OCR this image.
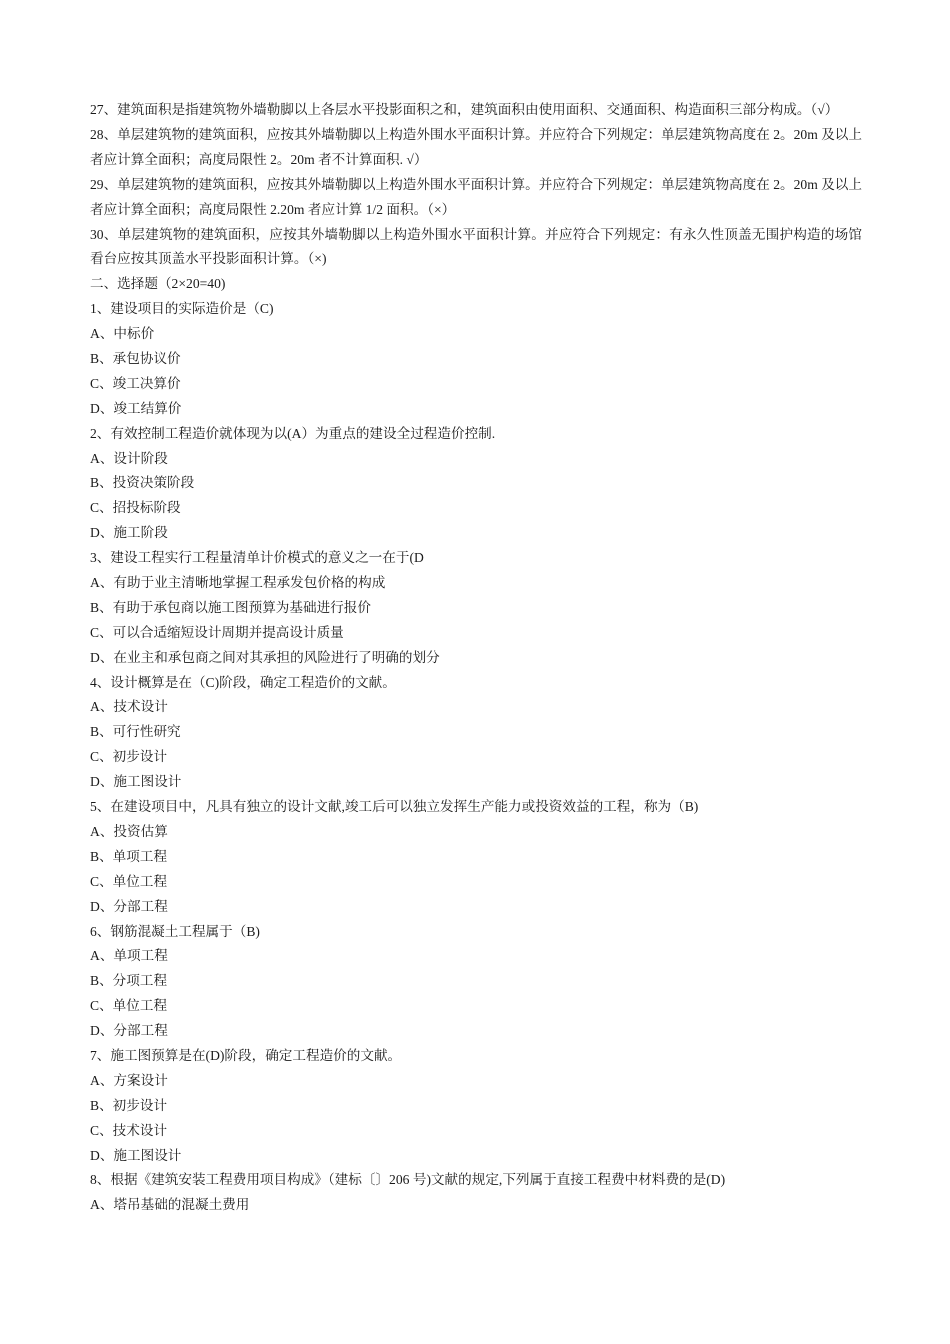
27、建筑面积是指建筑物外墙勒脚以上各层水平投影面积之和，建筑面积由使用面积、交通面积、构造面积三部分构成。（√）
28、单层建筑物的建筑面积，应按其外墙勒脚以上构造外围水平面积计算。并应符合下列规定：单层建筑物高度在 2。20m 及以上者应计算全面积；高度局限性 2。20m 者不计算面积. √）
29、单层建筑物的建筑面积，应按其外墙勒脚以上构造外围水平面积计算。并应符合下列规定：单层建筑物高度在 2。20m 及以上者应计算全面积；高度局限性 2.20m 者应计算 1/2 面积。（×）
30、单层建筑物的建筑面积，应按其外墙勒脚以上构造外围水平面积计算。并应符合下列规定：有永久性顶盖无围护构造的场馆看台应按其顶盖水平投影面积计算。（×)
二、选择题（2×20=40)
1、建设项目的实际造价是（C)
A、中标价
B、承包协议价
C、竣工决算价
D、竣工结算价
2、有效控制工程造价就体现为以(A）为重点的建设全过程造价控制.
A、设计阶段
B、投资决策阶段
C、招投标阶段
D、施工阶段
3、建设工程实行工程量清单计价模式的意义之一在于(D
A、有助于业主清晰地掌握工程承发包价格的构成
B、有助于承包商以施工图预算为基础进行报价
C、可以合适缩短设计周期并提高设计质量
D、在业主和承包商之间对其承担的风险进行了明确的划分
4、设计概算是在（C)阶段，确定工程造价的文献。
A、技术设计
B、可行性研究
C、初步设计
D、施工图设计
5、在建设项目中，凡具有独立的设计文献,竣工后可以独立发挥生产能力或投资效益的工程，称为（B)
A、投资估算
B、单项工程
C、单位工程
D、分部工程
6、钢筋混凝土工程属于（B)
A、单项工程
B、分项工程
C、单位工程
D、分部工程
7、施工图预算是在(D)阶段，确定工程造价的文献。
A、方案设计
B、初步设计
C、技术设计
D、施工图设计
8、根据《建筑安装工程费用项目构成》（建标〔〕206 号)文献的规定,下列属于直接工程费中材料费的是(D)
A、塔吊基础的混凝土费用
